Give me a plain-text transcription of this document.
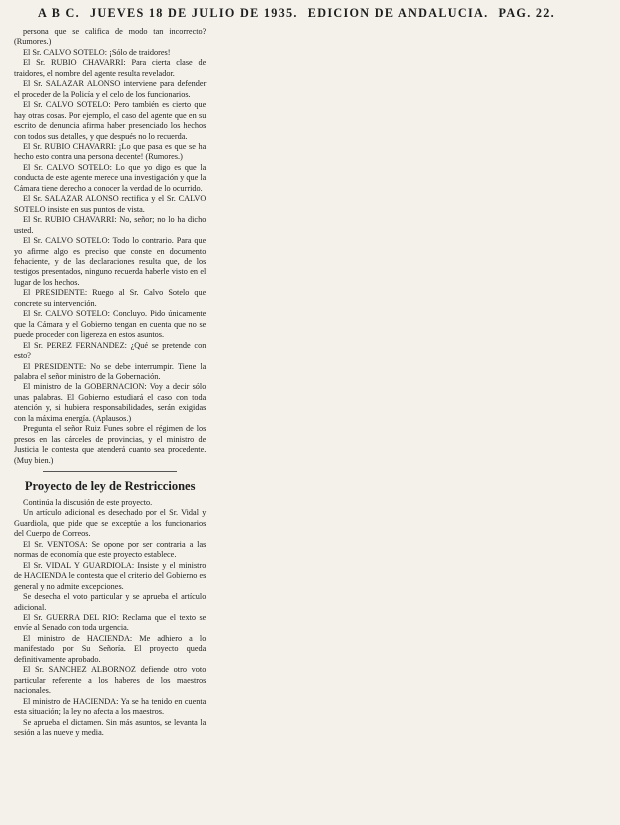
A B C. JUEVES 18 DE JULIO DE 1935. EDICION DE ANDALUCIA. PAG. 22.

persona que se califica de modo tan incorrecto? (Rumores.)

El Sr. CALVO SOTELO: ¡Sólo de traidores!

El Sr. RUBIO CHAVARRI: Para cierta clase de traidores, el nombre del agente resulta revelador.

El Sr. SALAZAR ALONSO interviene para defender el proceder de la Policía y el celo de los funcionarios.

El Sr. CALVO SOTELO: Pero también es cierto que hay otras cosas. Por ejemplo, el caso del agente que en su escrito de denuncia afirma haber presenciado los hechos con todos sus detalles, y que después no lo recuerda.

El Sr. RUBIO CHAVARRI: ¡Lo que pasa es que se ha hecho esto contra una persona decente! (Rumores.)

El Sr. CALVO SOTELO: Lo que yo digo es que la conducta de este agente merece una investigación y que la Cámara tiene derecho a conocer la verdad de lo ocurrido.

El Sr. SALAZAR ALONSO rectifica y el Sr. CALVO SOTELO insiste en sus puntos de vista.

El Sr. RUBIO CHAVARRI: No, señor; no lo ha dicho usted.

El Sr. CALVO SOTELO: Todo lo contrario. Para que yo afirme algo es preciso que conste en documento fehaciente, y de las declaraciones resulta que, de los testigos presentados, ninguno recuerda haberle visto en el lugar de los hechos.

El PRESIDENTE: Ruego al Sr. Calvo Sotelo que concrete su intervención.

El Sr. CALVO SOTELO: Concluyo. Pido únicamente que la Cámara y el Gobierno tengan en cuenta que no se puede proceder con ligereza en estos asuntos.

El Sr. PEREZ FERNANDEZ: ¿Qué se pretende con esto?

El PRESIDENTE: No se debe interrumpir. Tiene la palabra el señor ministro de la Gobernación.

El ministro de la GOBERNACION: Voy a decir sólo unas palabras. El Gobierno estudiará el caso con toda atención y, si hubiera responsabilidades, serán exigidas con la máxima energía. (Aplausos.)

Pregunta el señor Ruiz Funes sobre el régimen de los presos en las cárceles de provincias, y el ministro de Justicia le contesta que atenderá cuanto sea procedente. (Muy bien.)

Proyecto de ley de Restricciones

Continúa la discusión de este proyecto.

Un artículo adicional es desechado por el Sr. Vidal y Guardiola, que pide que se exceptúe a los funcionarios del Cuerpo de Correos.

El Sr. VENTOSA: Se opone por ser contraria a las normas de economía que este proyecto establece.

El Sr. VIDAL Y GUARDIOLA: Insiste y el ministro de HACIENDA le contesta que el criterio del Gobierno es general y no admite excepciones.

Se desecha el voto particular y se aprueba el artículo adicional.

El Sr. GUERRA DEL RIO: Reclama que el texto se envíe al Senado con toda urgencia.

El ministro de HACIENDA: Me adhiero a lo manifestado por Su Señoría. El proyecto queda definitivamente aprobado.

El Sr. SANCHEZ ALBORNOZ defiende otro voto particular referente a los haberes de los maestros nacionales.

El ministro de HACIENDA: Ya se ha tenido en cuenta esta situación; la ley no afecta a los maestros.

Se aprueba el dictamen. Sin más asuntos, se levanta la sesión a las nueve y media.
